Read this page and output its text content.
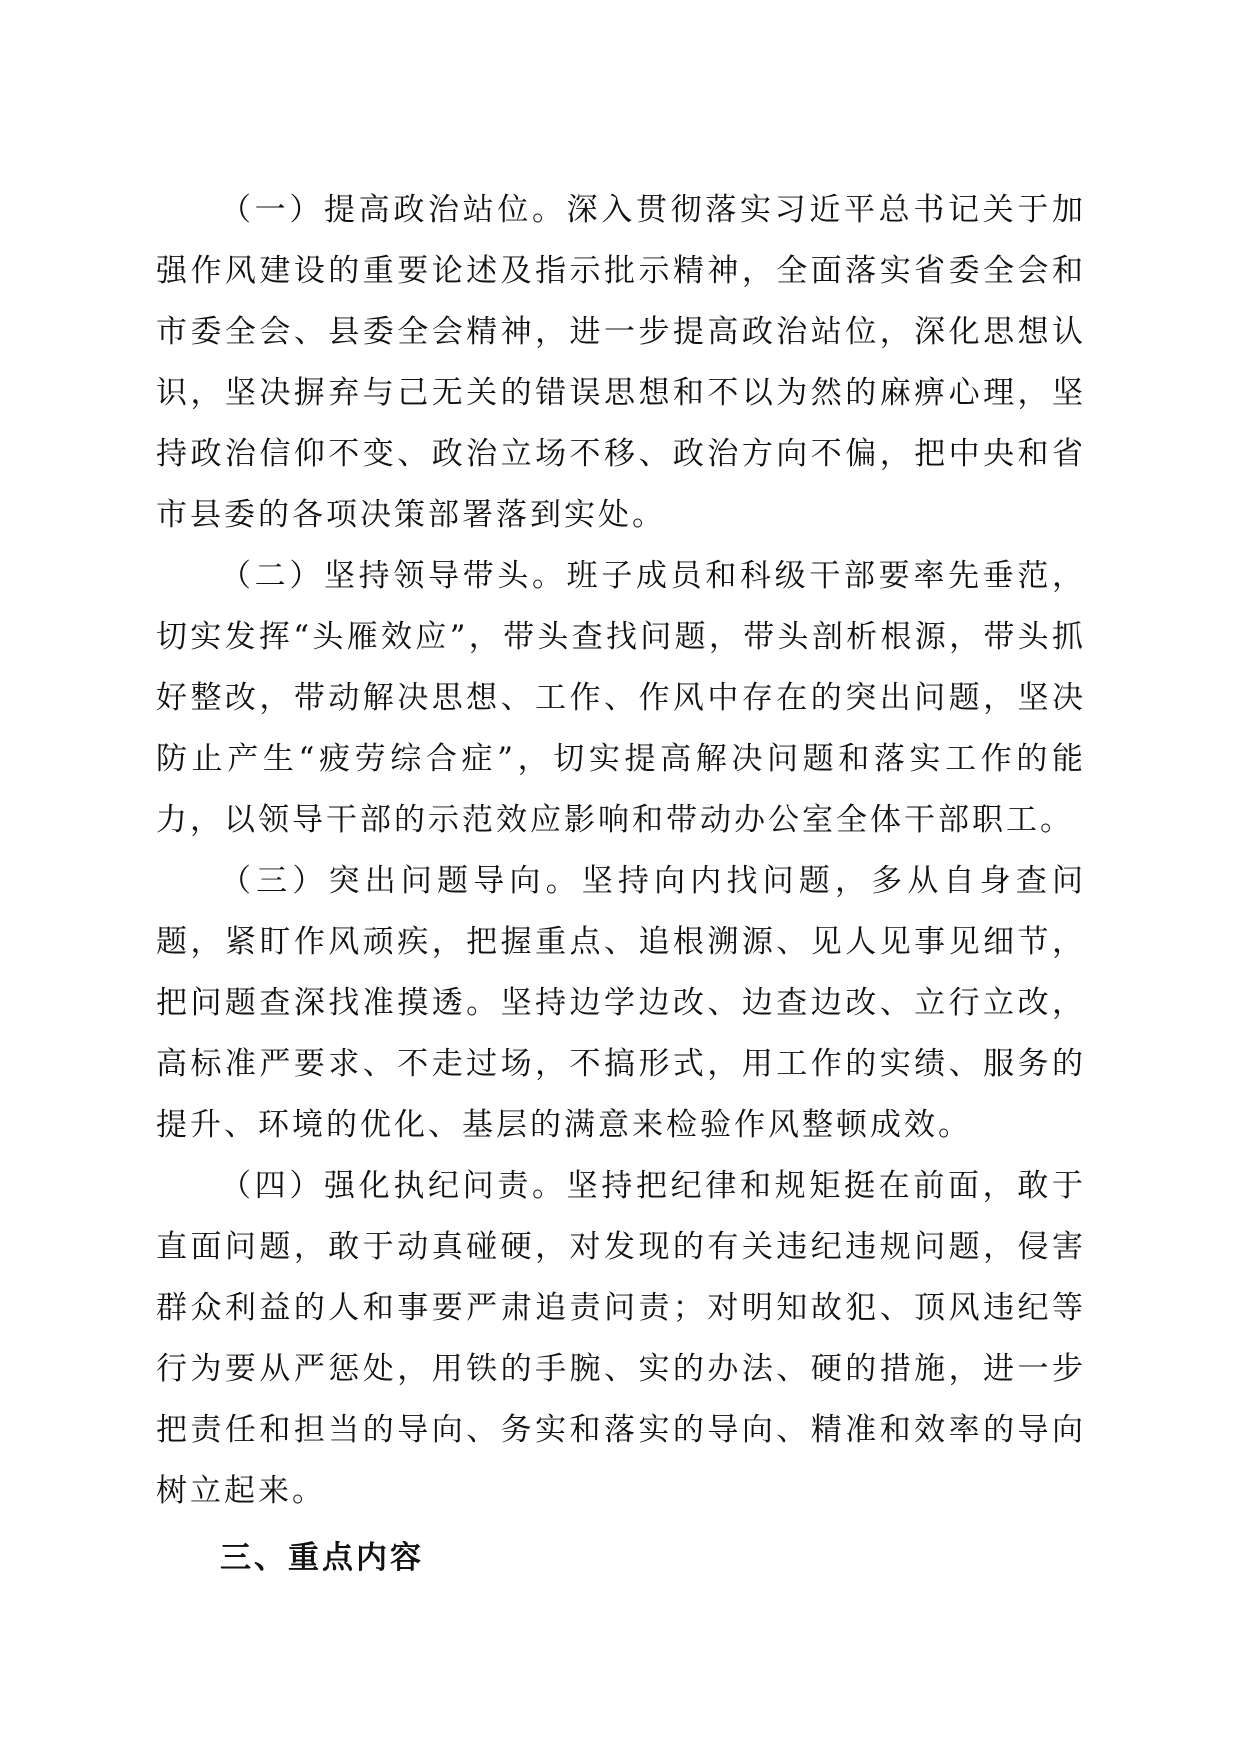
（一）提高政治站位。深入贯彻落实习近平总书记关于加强作风建设的重要论述及指示批示精神，全面落实省委全会和市委全会、县委全会精神，进一步提高政治站位，深化思想认识，坚决摒弃与己无关的错误思想和不以为然的麻痹心理，坚持政治信仰不变、政治立场不移、政治方向不偏，把中央和省市县委的各项决策部署落到实处。

（二）坚持领导带头。班子成员和科级干部要率先垂范，切实发挥“头雁效应”，带头查找问题，带头剖析根源，带头抓好整改，带动解决思想、工作、作风中存在的突出问题，坚决防止产生“疲劳综合症”，切实提高解决问题和落实工作的能力，以领导干部的示范效应影响和带动办公室全体干部职工。

（三）突出问题导向。坚持向内找问题，多从自身查问题，紧盯作风顽疾，把握重点、追根溯源、见人见事见细节，把问题查深找准摸透。坚持边学边改、边查边改、立行立改，高标准严要求、不走过场，不搞形式，用工作的实绩、服务的提升、环境的优化、基层的满意来检验作风整顿成效。

（四）强化执纪问责。坚持把纪律和规矩挺在前面，敢于直面问题，敢于动真碰硬，对发现的有关违纪违规问题，侵害群众利益的人和事要严肃追责问责；对明知故犯、顶风违纪等行为要从严惩处，用铁的手腕、实的办法、硬的措施，进一步把责任和担当的导向、务实和落实的导向、精准和效率的导向树立起来。

三、重点内容
